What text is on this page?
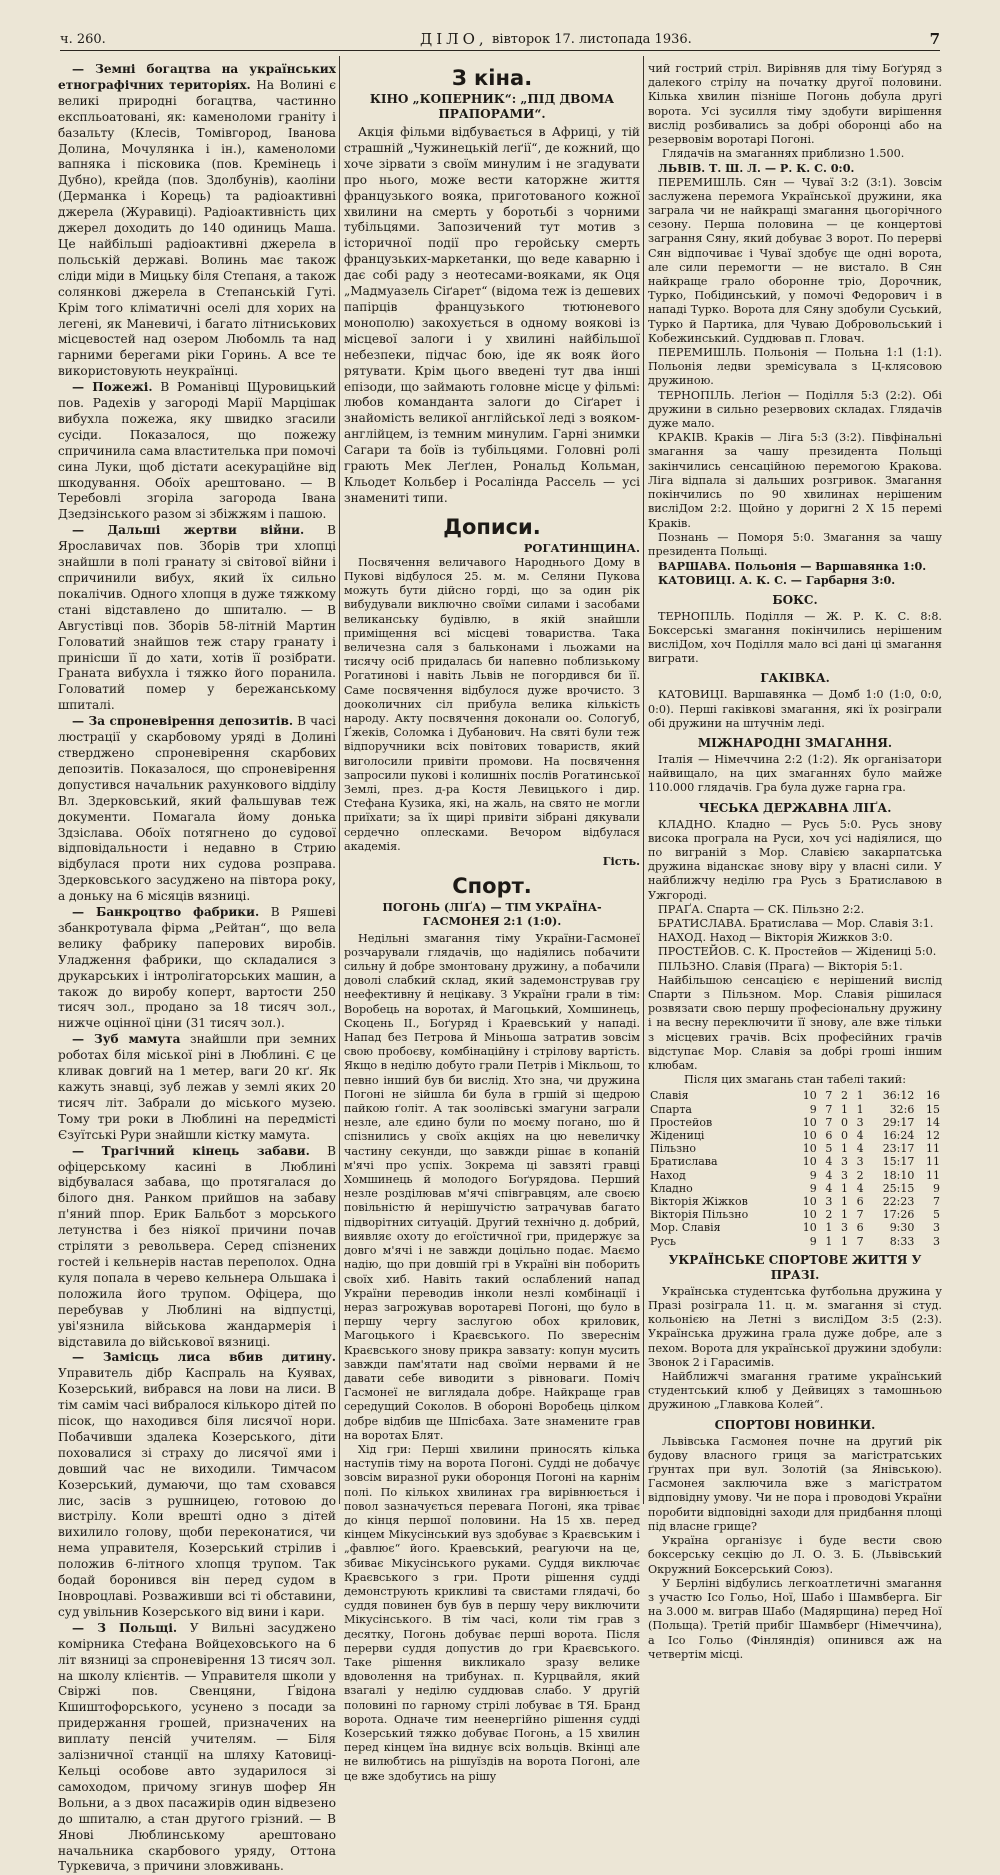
ч. 260.	ДІЛО, вівторок 17. листопада 1936.	7

— Земні богацтва на українських етнографічних територіях. На Волині є великі природні богацтва, частинно експльоатовані, як: каменоломи граніту і базальту (Клесів, Томівгород, Іванова Долина, Мочулянка і ін.), каменоломи вапняка і пісковика (пов. Кремінець і Дубно), крейда (пов. Здолбунів), каоліни (Дерманка і Корець) та радіоактивні джерела (Журавиці). Радіоактивність цих джерел доходить до 140 одиниць Маша. Це найбільші радіоактивні джерела в польській державі. Волинь має також сліди міди в Мицьку біля Степаня, а також солянкові джерела в Степанській Гуті. Крім того кліматичні оселі для хорих на легені, як Маневичі, і багато літниськових місцевостей над озером Любомль та над гарними берегами ріки Горинь. А все те використовують неукраїнці.

— Пожежі. В Романівці Щуровицький пов. Радехів у загороді Марії Марцішак вибухла пожежа, яку швидко згасили сусіди. Показалося, що пожежу спричинила сама властителька при помочі сина Луки, щоб дістати асекураційне від шкодування. Обоїх арештовано. — В Теребовлі згоріла загорода Івана Дзедзінського разом зі збіжжям і пашою.

— Дальші жертви війни. В Ярославичах пов. Зборів три хлопці знайшли в полі гранату зі світової війни і спричинили вибух, який їх сильно покалічив. Одного хлопця в дуже тяжкому стані відставлено до шпиталю. — В Августівці пов. Зборів 58-літній Мартин Головатий знайшов теж стару гранату і принісши її до хати, хотів її розібрати. Граната вибухла і тяжко його поранила. Головатий помер у бережанському шпиталі.

— За спроневірення депозитів. В часі люстрації у скарбовому уряді в Долині стверджено спроневірення скарбових депозитів. Показалося, що спроневірення допустився начальник рахункового відділу Вл. Здерковський, який фальшував теж документи. Помагала йому донька Здзіслава. Обоїх потягнено до судової відповідальности і недавно в Стрию відбулася проти них судова розправа. Здерковського засуджено на півтора року, а доньку на 6 місяців вязниці.

— Банкроцтво фабрики. В Ряшеві збанкротувала фірма „Рейтан“, що вела велику фабрику паперових виробів. Уладження фабрики, що складалися з друкарських і інтролігаторських машин, а також до виробу коперт, вартости 250 тисяч зол., продано за 18 тисяч зол., нижче оцінної ціни (31 тисяч зол.).

— Зуб мамута знайшли при земних роботах біля міської ріні в Люблині. Є це кливак довгий на 1 метер, ваги 20 кґ. Як кажуть знавці, зуб лежав у землі яких 20 тисяч літ. Забрали до міського музею. Тому три роки в Люблині на передмісті Єзуїтські Рури знайшли кістку мамута.

— Трагічний кінець забави. В офіцерському касині в Люблині відбувалася забава, що протягалася до білого дня. Ранком прийшов на забаву п'яний ппор. Ерик Бальбот з морського летунства і без ніякої причини почав стріляти з револьвера. Серед спізнених гостей і кельнерів настав переполох. Одна куля попала в черево кельнера Ольшака і положила його трупом. Офіцера, що перебував у Люблині на відпустці, уві'язнила військова жандармерія і відставила до військової вязниці.

— Замісць лиса вбив дитину. Управитель дібр Каспраль на Куявах, Козерський, вибрався на лови на лиси. В тім самім часі вибралося кількоро дітей по пісок, що находився біля лисячої нори. Побачивши здалека Козерського, діти поховалися зі страху до лисячої ями і довший час не виходили. Тимчасом Козерський, думаючи, що там сховався лис, засів з рушницею, готовою до вистрілу. Коли врешті одно з дітей вихилило голову, щоби переконатися, чи нема управителя, Козерський стрілив і положив 6-літного хлопця трупом. Так бодай боронився він перед судом в Іновроцлаві. Розваживши всі ті обставини, суд увільнив Козерського від вини і кари.

— З Польщі. У Вильні засуджено комірника Стефана Войцеховського на 6 літ вязниці за спроневірення 13 тисяч зол. на школу клієнтів. — Управителя школи у Свіржі пов. Свенцяни, Ґвідона Кшиштофорського, усунено з посади за придержання грошей, призначених на виплату пенсій учителям. — Біля залізничної станції на шляху Катовиці-Кельці особове авто зударилося зі самоходом, причому згинув шофер Ян Вольни, а з двох пасажирів один відвезено до шпиталю, а стан другого грізний. — В Янові Люблинському арештовано начальника скарбового уряду, Оттона Туркевича, з причини зловживань.

З кіна.
КІНО „КОПЕРНИК“: „ПІД ДВОМА ПРАПОРАМИ“.

Акція фільми відбувається в Африці, у тій страшній „Чужинецькій леґії“, де кожний, що хоче зірвати з своїм минулим і не згадувати про нього, може вести каторжне життя французького вояка, приготованого кожної хвилини на смерть у боротьбі з чорними тубільцями. Запозичений тут мотив з історичної події про геройську смерть французьких-маркетанки, що веде каварню і дає собі раду з неотесами-вояками, як Оця „Мадмуазель Сіґарет“ (відома теж із дешевих папірців французького тютюневого монополю) закохується в одному воякові із місцевої залоги і у хвилині найбільшої небезпеки, підчас бою, іде як вояк його рятувати. Крім цього введені тут два інші епізоди, що займають головне місце у фільмі: любов команданта залоги до Сіґарет і знайомість великої англійської леді з вояком-англійцем, із темним минулим. Гарні знимки Сагари та боїв із тубільцями. Головні ролі грають Мек Леґлен, Рональд Кольман, Кльодет Кольбер і Росалінда Рассель — усі знамениті типи.

Дописи.
РОГАТИНЩИНА.

Посвячення величавого Народнього Дому в Пукові відбулося 25. м. м. Селяни Пукова можуть бути дійсно горді, що за один рік вибудували виключно своїми силами і засобами великанську будівлю, в якій знайшли приміщення всі місцеві товариства. Така величезна саля з бальконами і льожами на тисячу осіб придалась би напевно поблизькому Рогатинові і навіть Львів не погордився би її. Саме посвячення відбулося дуже врочисто. З дооколичних сіл прибула велика кількість народу. Акту посвячення доконали оо. Сологуб, Ґжеків, Соломка і Дубанович. На святі були теж відпоручники всіх повітових товариств, який виголосили привіти промови. На посвячення запросили пукові і колишніх послів Рогатинської Землі, през. д-ра Костя Левицького і дир. Стефана Кузика, які, на жаль, на свято не могли приїхати; за їх щирі привіти зібрані дякували сердечно оплесками. Вечором відбулася академія.

Гість.
Спорт.
ПОГОНЬ (ЛІҐА) — ТІМ УКРАЇНА-ГАСМОНЕЯ 2:1 (1:0).

Недільні змагання тіму України-Гасмонеї розчарували глядачів, що надіялись побачити сильну й добре змонтовану дружину, а побачили доволі слабкий склад, який задемонстрував гру неефективну й нецікаву. З України грали в тім: Воробець на воротах, й Магоцький, Хомшинець, Скоцень ІІ., Боґуряд і Краевський у нападі. Напад без Петрова й Міньоша затратив зовсім свою пробоєву, комбінаційну і стрілову вартість. Якщо в неділю добуто грали Петрів і Мікльош, то певно інший був би вислід. Хто зна, чи дружина Погоні не зійшла би була в гршій зі щедрою пайкою ґоліт. А так зоолівські змагуни заграли незле, але єдино були по моєму погано, шо й спізнились у своїх акціях на цю невеличку частину секунди, що завжди рішає в копаній м'ячі про успіх. Зокрема ці завзяті гравці Хомшинець й молодого Боґурядова. Перший незле розділював м'ячі співгравцям, але своєю повільністю й нерішучістю затрачував багато підворітних ситуацій. Другий технічно д. добрий, виявляє охоту до егоїстичної гри, придержує за довго м'ячі і не завжди доцільно подає. Маємо надію, що при довшій грі в Україні він поборить своїх хиб. Навіть такий ослаблений напад України переводив інколи незлі комбінації і нераз загрожував воротареві Погоні, що було в першу чергу заслугою обох криловик, Магоцького і Краєвського. По звереснім Краєвського знову прикра завзату: копун мусить завжди пам'ятати над своїми нервами й не давати себе виводити з рівноваги. Поміч Гасмонеї не виглядала добре. Найкраще грав середущий Соколов. В обороні Воробець цілком добре відбив ще Шпісбаха. Зате знамените грав на воротах Блят.

Хід гри: Перші хвилини приносять кілька наступів тіму на ворота Погоні. Судді не добачує зовсім виразної руки оборонця Погоні на карнім полі. По кількох хвилинах гра вирівнюється і повол зазначується перевага Погоні, яка тріває до кінця першої половини. На 15 хв. перед кінцем Мікусінський вуз здобуває з Краєвським і „фавлює“ його. Краевський, реагуючи на це, збиває Мікусінського руками. Суддя виключає Краєвського з гри. Проти рішення судді демонструють крикливі та свистами глядачі, бо суддя повинен був був в першу черу виключити Мікусінського. В тім часі, коли тім грав з десятку, Погонь добуває перші ворота. Після перерви суддя допустив до гри Краєвського. Таке рішення викликало зразу велике вдоволення на трибунах. п. Курцвайля, який взагалі у неділю суддював слабо. У другій половині по гарному стрілі лобуває в ТЯ. Бранд ворота. Одначе тим неенергійно рішення судді Козерський тяжко добуває Погонь, а 15 хвилин перед кінцем їна виднує всіх вольців. Вкінці але не вилюбтись на рішуїздів на ворота Погоні, але це вже здобутись на рішу

чий гострий стріл. Вирівняв для тіму Боґуряд з далекого стрілу на початку другої половини. Кілька хвилин пізніше Погонь добула другі ворота. Усі зусилля тіму здобути вирішення вислід розбивались за добрі оборонці або на резервовім воротарі Погоні.

Глядачів на змаганнях приблизно 1.500.

ЛЬВІВ. Т. Ш. Л. — Р. К. С. 0:0.

ПЕРЕМИШЛЬ. Сян — Чуваї 3:2 (3:1). Зовсім заслужена перемога Української дружини, яка заграла чи не найкращі змагання цьогорічного сезону. Перша половина — це концертові заграння Сяну, який добуває 3 ворот. По перерві Сян відпочиває і Чуваї здобує ще одні ворота, але сили перемогти — не вистало. В Сян найкраще грало оборонне тріо, Дорочник, Турко, Побідинський, у помочі Федорович і в нападі Турко. Ворота для Сяну здобули Суський, Турко й Партика, для Чуваю Добровольський і Кобежинський. Суддював п. Гловач.

ПЕРЕМИШЛЬ. Польонія — Польна 1:1 (1:1). Польонія ледви зремісувала з Ц-клясовою дружиною.

ТЕРНОПІЛЬ. Леґіон — Поділля 5:3 (2:2). Обі дружини в сильно резервових складах. Глядачів дуже мало.

КРАКІВ. Краків — Ліга 5:3 (3:2). Півфінальні змагання за чашу президента Польщі закінчились сенсаційною перемогою Кракова. Ліга відпала зі дальших розгривок. Змагання покінчились по 90 хвилинах нерішеним висліДом 2:2. Щойно у доригні 2 Х 15 перемі Краків.

Познань — Поморя 5:0. Змагання за чашу президента Польщі.

ВАРШАВА. Польонія — Варшавянка 1:0.

КАТОВИЦІ. А. К. С. — Гарбарня 3:0.

БОКС.

ТЕРНОПІЛЬ. Поділля — Ж. Р. К. С. 8:8. Боксерські змагання покінчились нерішеним висліДом, хоч Поділля мало всі дані ці змагання виграти.

ГАКІВКА.

КАТОВИЦІ. Варшавянка — Домб 1:0 (1:0, 0:0, 0:0). Перші гаківкові змагання, які їх розіграли обі дружини на штучнім леді.

МІЖНАРОДНІ ЗМАГАННЯ.

Італія — Німеччина 2:2 (1:2). Як організатори найвищало, на цих змаганнях було майже 110.000 глядачів. Гра була дуже гарна гра.

ЧЕСЬКА ДЕРЖАВНА ЛІҐА.

КЛАДНО. Кладно — Русь 5:0. Русь знову висока програла на Руси, хоч усі надіялися, що по виграній з Мор. Славією закарпатська дружина віданскає знову віру у власні сили. У найближчу неділю гра Русь з Братиславою в Ужгороді.

ПРАҐА. Спарта — СК. Пільзно 2:2.

БРАТИСЛАВА. Братислава — Мор. Славія 3:1.

НАХОД. Наход — Вікторія Жижков 3:0.

ПРОСТЕЙОВ. С. К. Простейов — Жідениці 5:0.

ПІЛЬЗНО. Славія (Прага) — Вікторія 5:1.

Найбільшою сенсацією є нерішений вислід Спарти з Пільзном. Мор. Славія рішилася розвязати свою першу професіональну дружину і на весну переключити її знову, але вже тільки з місцевих грачів. Всіх професійних грачів відступає Мор. Славія за добрі гроші іншим клюбам.

Після цих змагань стан табелі такий:

Славія	10	7	2	1	36:12	16
Спарта	9	7	1	1	32:6	15
Простейов	10	7	0	3	29:17	14
Жідениці	10	6	0	4	16:24	12
Пільзно	10	5	1	4	23:17	11
Братислава	10	4	3	3	15:17	11
Наход	9	4	3	2	18:10	11
Кладно	9	4	1	4	25:15	9
Вікторія Жіжков	10	3	1	6	22:23	7
Вікторія Пільзно	10	2	1	7	17:26	5
Мор. Славія	10	1	3	6	9:30	3
Русь	9	1	1	7	8:33	3
УКРАЇНСЬКЕ СПОРТОВЕ ЖИТТЯ У ПРАЗІ.

Українська студентська футбольна дружина у Празі розіграла 11. ц. м. змагання зі студ. кольонією на Летні з висліДом 3:5 (2:3). Українська дружина грала дуже добре, але з пехом. Ворота для української дружини здобули: Звонок 2 і Гарасимів.

Найближчі змагання гратиме український студентський клюб у Дейвицях з тамошньою дружиною „Главкова Колей“.

СПОРТОВІ НОВИНКИ.

Львівська Гасмонея почне на другий рік будову власного гриця за магістратських ґрунтах при вул. Золотій (за Янівською). Гасмонея заключила вже з магістратом відповідну умову. Чи не пора і проводові України поробити відповідні заходи для придбання площі під власне грище?

Україна організує і буде вести свою боксерську секцію до Л. О. З. Б. (Львівський Окружний Боксерський Союз).

У Берліні відбулись легкоатлетичні змагання з участю Ісо Гольо, Ної, Шабо і Шамвберга. Біг на 3.000 м. виграв Шабо (Мадярщина) перед Ної (Польща). Третій прибіг Шамвберг (Німеччина), а Ісо Гольо (Фінляндія) опинився аж на четвертім місці.
